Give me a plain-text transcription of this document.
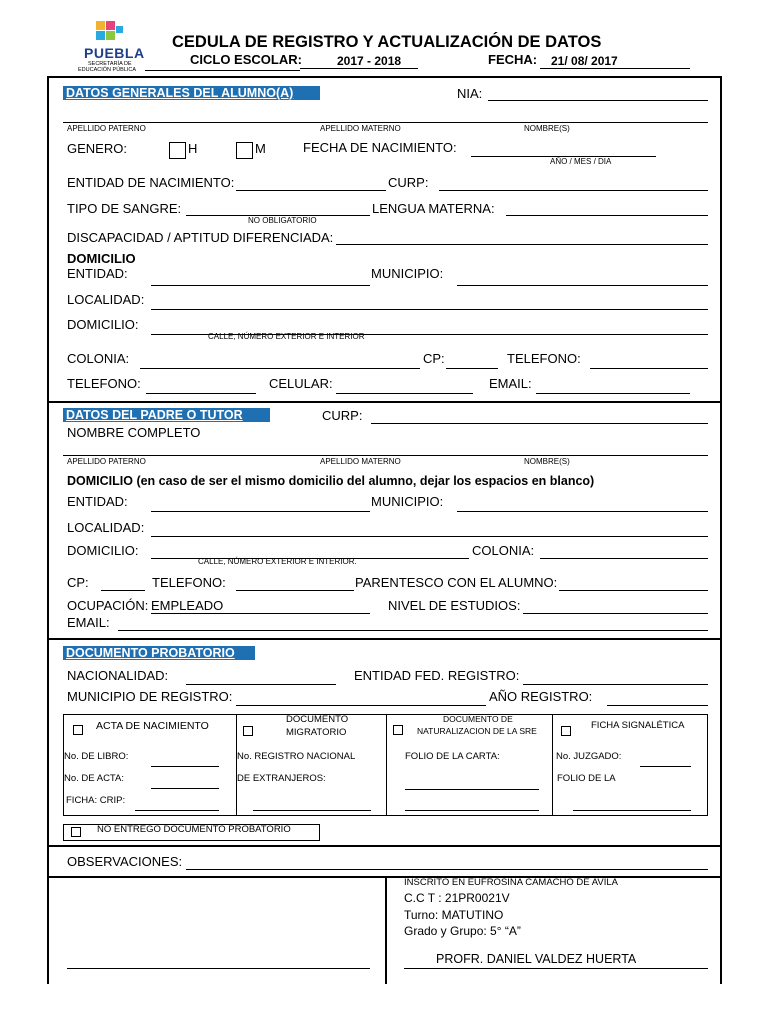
PUEBLA
SECRETARÍA DE
EDUCACIÓN PÚBLICA
CEDULA DE REGISTRO Y ACTUALIZACIÓN DE DATOS
CICLO ESCOLAR:	2017 - 2018	FECHA: 21/ 08/ 2017
DATOS GENERALES DEL ALUMNO(A)	NIA:
APELLIDO PATERNO	APELLIDO MATERNO	NOMBRE(S)
GENERO:	H	M	FECHA DE NACIMIENTO:
AÑO / MES / DIA
ENTIDAD DE NACIMIENTO:	CURP:
TIPO DE SANGRE:
NO OBLIGATORIO
LENGUA MATERNA:
DISCAPACIDAD / APTITUD DIFERENCIADA:
DOMICILIO
ENTIDAD:	MUNICIPIO:
LOCALIDAD:
DOMICILIO:
CALLE, NÚMERO EXTERIOR E INTERIOR
COLONIA:	CP:	TELEFONO:
TELEFONO:	CELULAR:	EMAIL:
DATOS DEL PADRE O TUTOR	CURP:
NOMBRE COMPLETO
APELLIDO PATERNO	APELLIDO MATERNO	NOMBRE(S)
DOMICILIO (en caso de ser el mismo domicilio del alumno, dejar los espacios en blanco)
ENTIDAD:	MUNICIPIO:
LOCALIDAD:
DOMICILIO:
CALLE, NÚMERO EXTERIOR E INTERIOR.
COLONIA:
CP:	TELEFONO:	PARENTESCO CON EL ALUMNO:
OCUPACIÓN: EMPLEADO	NIVEL DE ESTUDIOS:
EMAIL:
DOCUMENTO PROBATORIO
NACIONALIDAD:	ENTIDAD FED. REGISTRO:
MUNICIPIO DE REGISTRO:	AÑO REGISTRO:
ACTA DE NACIMIENTO
No. DE LIBRO:
No. DE ACTA:
FICHA: CRIP:
DOCUMENTO
MIGRATORIO
No. REGISTRO NACIONAL
DE EXTRANJEROS:
DOCUMENTO DE
NATURALIZACION DE LA SRE
FOLIO DE LA CARTA:
FICHA SIGNALÉTICA
No. JUZGADO:
FOLIO DE LA
NO ENTREGO DOCUMENTO PROBATORIO
OBSERVACIONES:
INSCRITO EN EUFROSINA CAMACHO DE AVILA
C.C T : 21PR0021V
Turno: MATUTINO
Grado y Grupo: 5° “A”
PROFR. DANIEL VALDEZ HUERTA
